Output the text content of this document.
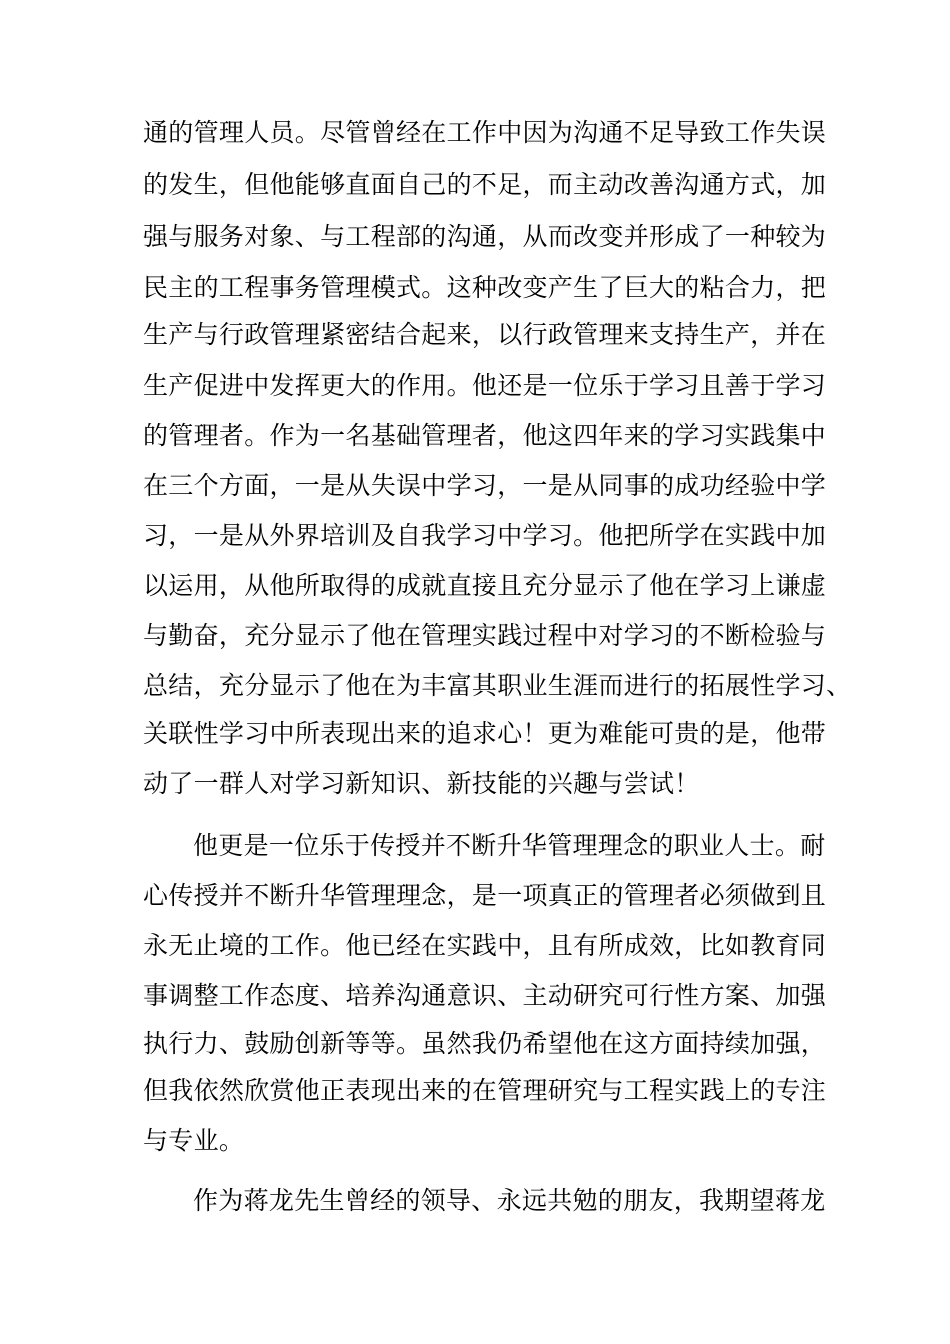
通的管理人员。尽管曾经在工作中因为沟通不足导致工作失误
的发生，但他能够直面自己的不足，而主动改善沟通方式，加
强与服务对象、与工程部的沟通，从而改变并形成了一种较为
民主的工程事务管理模式。这种改变产生了巨大的粘合力，把
生产与行政管理紧密结合起来，以行政管理来支持生产，并在
生产促进中发挥更大的作用。他还是一位乐于学习且善于学习
的管理者。作为一名基础管理者，他这四年来的学习实践集中
在三个方面，一是从失误中学习，一是从同事的成功经验中学
习，一是从外界培训及自我学习中学习。他把所学在实践中加
以运用，从他所取得的成就直接且充分显示了他在学习上谦虚
与勤奋，充分显示了他在管理实践过程中对学习的不断检验与
总结，充分显示了他在为丰富其职业生涯而进行的拓展性学习、
关联性学习中所表现出来的追求心！更为难能可贵的是，他带
动了一群人对学习新知识、新技能的兴趣与尝试！
他更是一位乐于传授并不断升华管理理念的职业人士。耐
心传授并不断升华管理理念，是一项真正的管理者必须做到且
永无止境的工作。他已经在实践中，且有所成效，比如教育同
事调整工作态度、培养沟通意识、主动研究可行性方案、加强
执行力、鼓励创新等等。虽然我仍希望他在这方面持续加强，
但我依然欣赏他正表现出来的在管理研究与工程实践上的专注
与专业。
作为蒋龙先生曾经的领导、永远共勉的朋友，我期望蒋龙
